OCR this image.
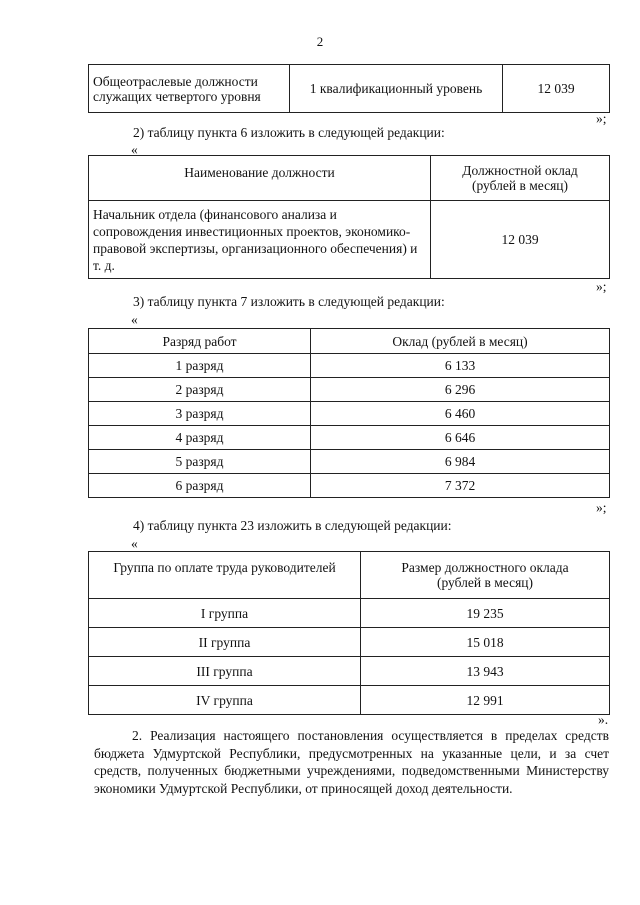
2
Общеотраслевые должности служащих четвертого уровня	1 квалификационный уровень	12 039
»;
2) таблицу пункта 6 изложить в следующей редакции:
«
Наименование должности	Должностной оклад (рублей в месяц)
Начальник отдела (финансового анализа и сопровождения инвестиционных проектов, экономико-правовой экспертизы, организационного обеспечения) и т. д.	12 039
»;
3) таблицу пункта 7 изложить в следующей редакции:
«
Разряд работ	Оклад (рублей в месяц)
1 разряд	6 133
2 разряд	6 296
3 разряд	6 460
4 разряд	6 646
5 разряд	6 984
6 разряд	7 372
»;
4) таблицу пункта 23 изложить в следующей редакции:
«
Группа по оплате труда руководителей	Размер должностного оклада (рублей в месяц)
I группа	19 235
II группа	15 018
III группа	13 943
IV группа	12 991
».
2. Реализация настоящего постановления осуществляется в пределах средств бюджета Удмуртской Республики, предусмотренных на указанные цели, и за счет средств, полученных бюджетными учреждениями, подведомственными Министерству экономики Удмуртской Республики, от приносящей доход деятельности.
